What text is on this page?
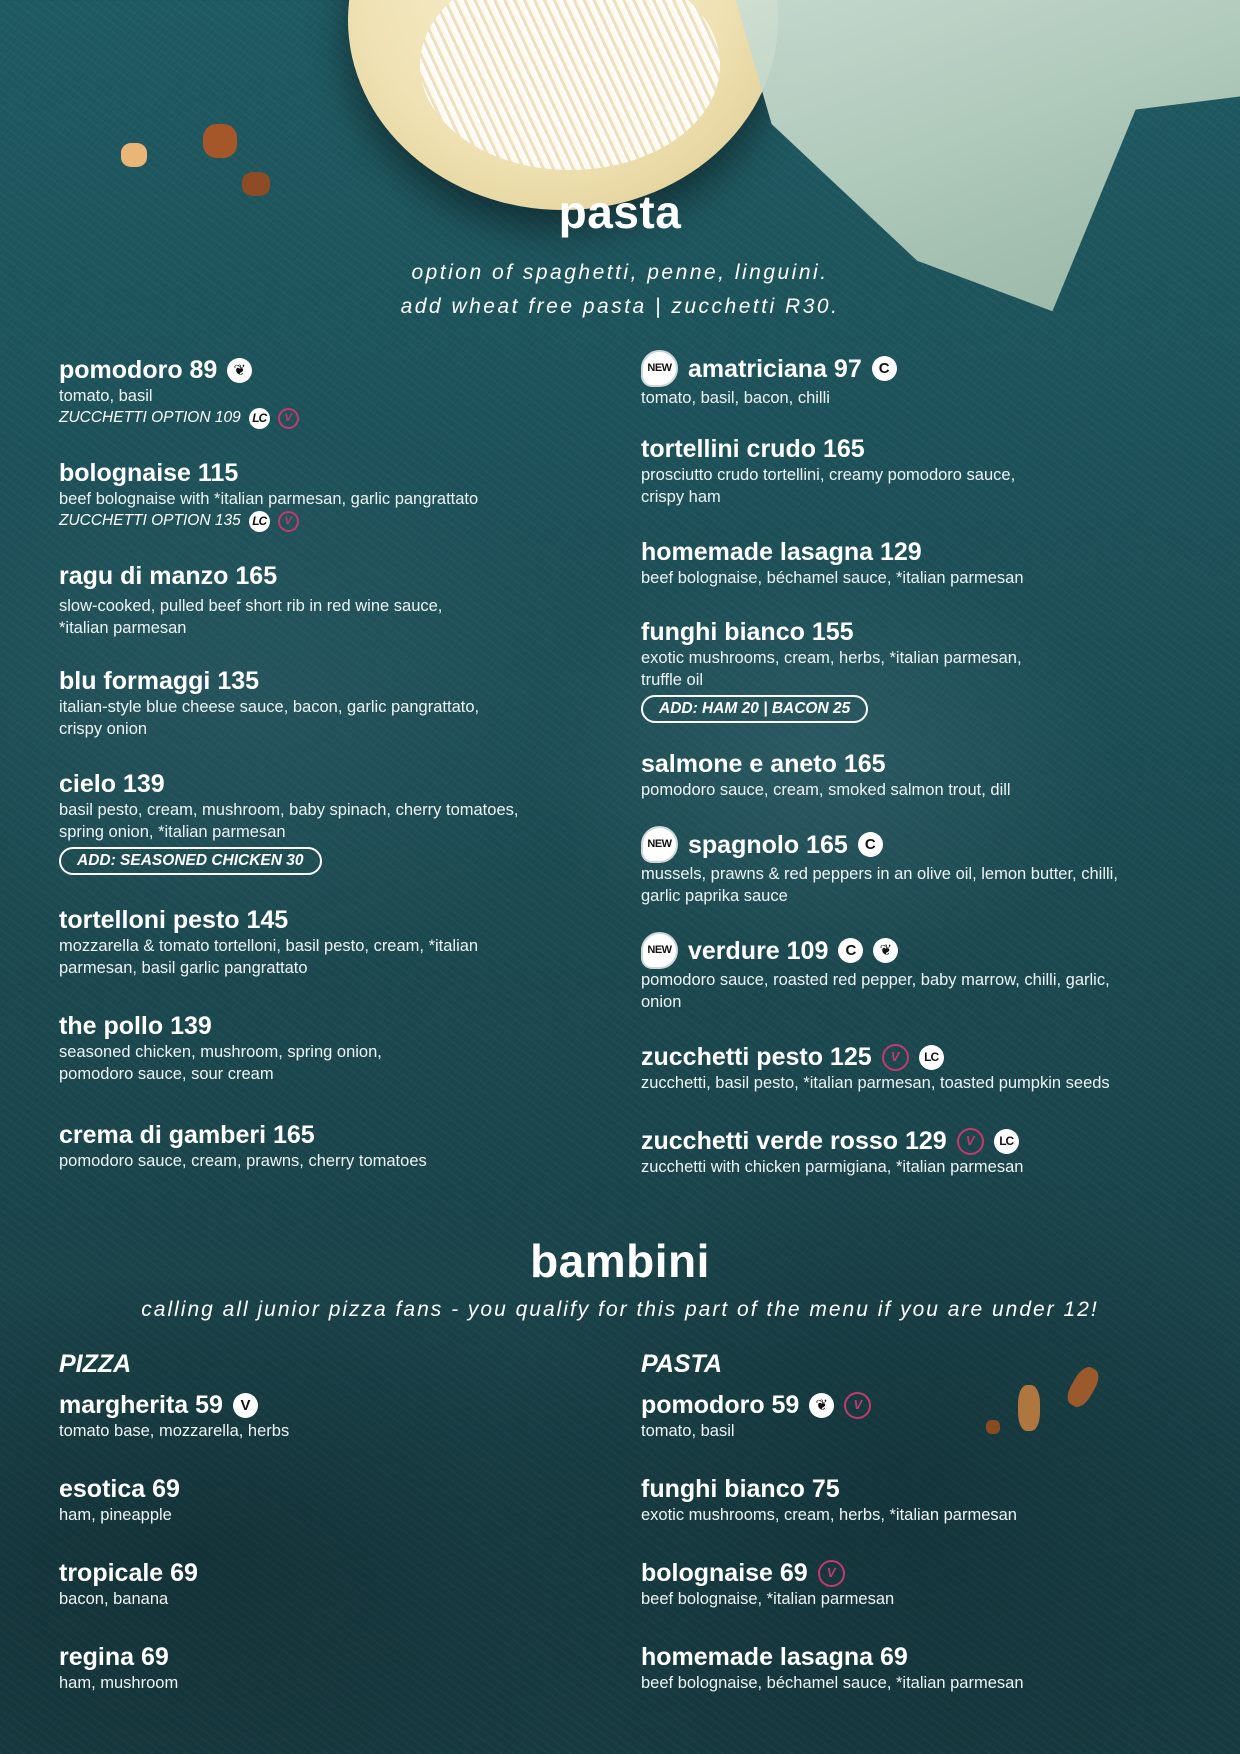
pasta
option of spaghetti, penne, linguini.
add wheat free pasta | zucchetti R30.
pomodoro 89	❦
tomato, basil
ZUCCHETTI OPTION 109 LC	V
bolognaise 115
beef bolognaise with *italian parmesan, garlic pangrattato
ZUCCHETTI OPTION 135 LC	V
ragu di manzo 165
slow-cooked, pulled beef short rib in red wine sauce,
*italian parmesan
blu formaggi 135
italian-style blue cheese sauce, bacon, garlic pangrattato,
crispy onion
cielo 139
basil pesto, cream, mushroom, baby spinach, cherry tomatoes,
spring onion, *italian parmesan
ADD: SEASONED CHICKEN 30
tortelloni pesto 145
mozzarella & tomato tortelloni, basil pesto, cream, *italian
parmesan, basil garlic pangrattato
the pollo 139
seasoned chicken, mushroom, spring onion,
pomodoro sauce, sour cream
crema di gamberi 165
pomodoro sauce, cream, prawns, cherry tomatoes
NEW amatriciana 97	C
tomato, basil, bacon, chilli
tortellini crudo 165
prosciutto crudo tortellini, creamy pomodoro sauce,
crispy ham
homemade lasagna 129
beef bolognaise, béchamel sauce, *italian parmesan
funghi bianco 155
exotic mushrooms, cream, herbs, *italian parmesan,
truffle oil
ADD: HAM 20 | BACON 25
salmone e aneto 165
pomodoro sauce, cream, smoked salmon trout, dill
NEW spagnolo 165	C
mussels, prawns & red peppers in an olive oil, lemon butter, chilli,
garlic paprika sauce
NEW verdure 109	C	❦
pomodoro sauce, roasted red pepper, baby marrow, chilli, garlic,
onion
zucchetti pesto 125	V	LC
zucchetti, basil pesto, *italian parmesan, toasted pumpkin seeds
zucchetti verde rosso 129	V	LC
zucchetti with chicken parmigiana, *italian parmesan
bambini
calling all junior pizza fans - you qualify for this part of the menu if you are under 12!
PIZZA
margherita 59	V
tomato base, mozzarella, herbs
esotica 69
ham, pineapple
tropicale 69
bacon, banana
regina 69
ham, mushroom
PASTA
pomodoro 59	❦	V
tomato, basil
funghi bianco 75
exotic mushrooms, cream, herbs, *italian parmesan
bolognaise 69	V
beef bolognaise, *italian parmesan
homemade lasagna 69
beef bolognaise, béchamel sauce, *italian parmesan
